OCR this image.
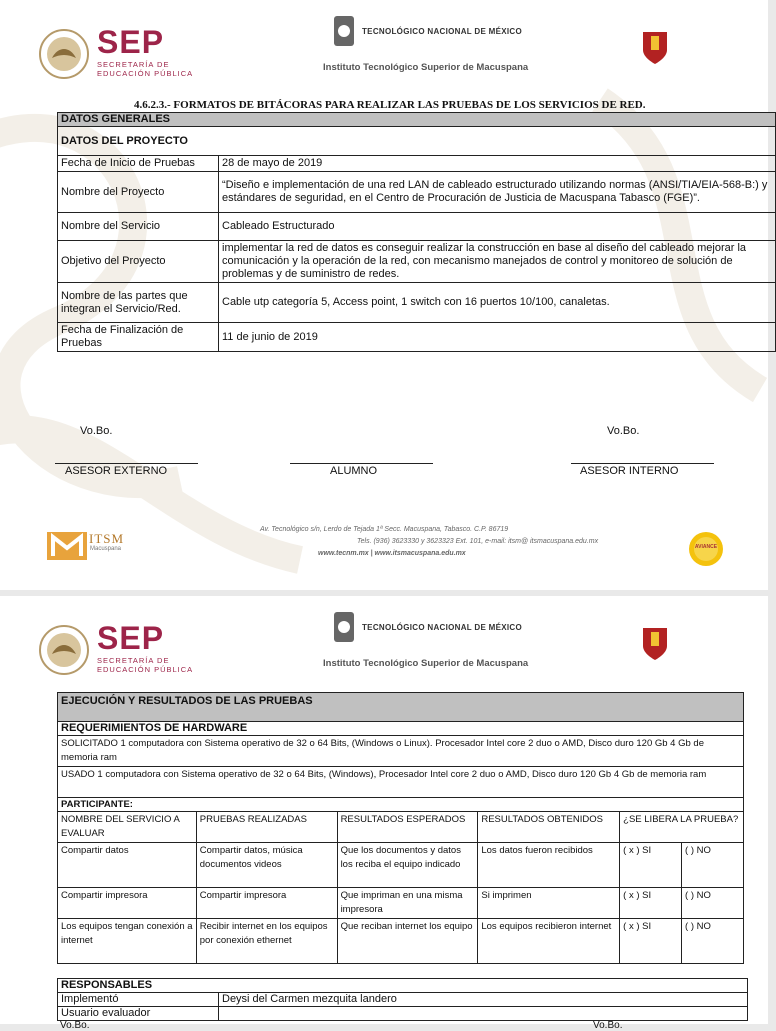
SEP
SECRETARÍA DE
EDUCACIÓN PÚBLICA
TECNOLÓGICO NACIONAL DE MÉXICO
Instituto Tecnológico Superior de Macuspana
4.6.2.3.- FORMATOS DE BITÁCORAS PARA REALIZAR LAS PRUEBAS DE LOS SERVICIOS DE RED.
DATOS GENERALES	
DATOS DEL PROYECTO	
Fecha de Inicio de Pruebas	28 de mayo de 2019
Nombre del Proyecto	“Diseño e implementación de una red LAN de cableado estructurado utilizando normas (ANSI/TIA/EIA-568-B:) y estándares de seguridad, en el Centro de Procuración de Justicia de Macuspana Tabasco (FGE)”.
Nombre del Servicio	Cableado Estructurado
Objetivo del Proyecto	implementar la red de datos es conseguir realizar la construcción en base al diseño del cableado mejorar la comunicación y la operación de la red, con mecanismo manejados de control y monitoreo de solución de problemas y de suministro de redes.
Nombre de las partes que integran el Servicio/Red.	Cable utp categoría 5, Access point, 1 switch con 16 puertos 10/100, canaletas.
Fecha de Finalización de Pruebas	11 de junio de 2019
Vo.Bo.	Vo.Bo.
ASESOR EXTERNO	ALUMNO	ASESOR INTERNO
ITSM
Macuspana
Av. Tecnológico s/n, Lerdo de Tejada 1ª Secc. Macuspana, Tabasco. C.P. 86719
Tels. (936) 3623330 y 3623323 Ext. 101, e-mail: itsm@ itsmacuspana.edu.mx
www.tecnm.mx | www.itsmacuspana.edu.mx
AVIANCE
SEP
SECRETARÍA DE
EDUCACIÓN PÚBLICA
TECNOLÓGICO NACIONAL DE MÉXICO
Instituto Tecnológico Superior de Macuspana
EJECUCIÓN Y RESULTADOS DE LAS PRUEBAS					
REQUERIMIENTOS DE HARDWARE					
SOLICITADO 1 computadora con Sistema operativo de 32 o 64 Bits, (Windows o Linux). Procesador Intel core 2 duo o AMD, Disco duro 120 Gb 4 Gb de memoria ram					
USADO 1 computadora con Sistema operativo de 32 o 64 Bits, (Windows), Procesador Intel core 2 duo o AMD, Disco duro 120 Gb 4 Gb de memoria ram					
PARTICIPANTE:					
NOMBRE DEL SERVICIO A EVALUAR	PRUEBAS REALIZADAS	RESULTADOS ESPERADOS	RESULTADOS OBTENIDOS	¿SE LIBERA LA PRUEBA?	
Compartir datos	Compartir datos, música documentos videos	Que los documentos y datos los reciba el equipo indicado	Los datos fueron recibidos	( x ) SI	( ) NO
Compartir impresora	Compartir impresora	Que impriman en una misma impresora	Si imprimen	( x ) SI	( ) NO
Los equipos tengan conexión a internet	Recibir internet en los equipos por conexión ethernet	Que reciban internet los equipo	Los equipos recibieron internet	( x ) SI	( ) NO
RESPONSABLES	
Implementó	Deysi del Carmen mezquita landero
Usuario evaluador	
Vo.Bo.	Vo.Bo.
